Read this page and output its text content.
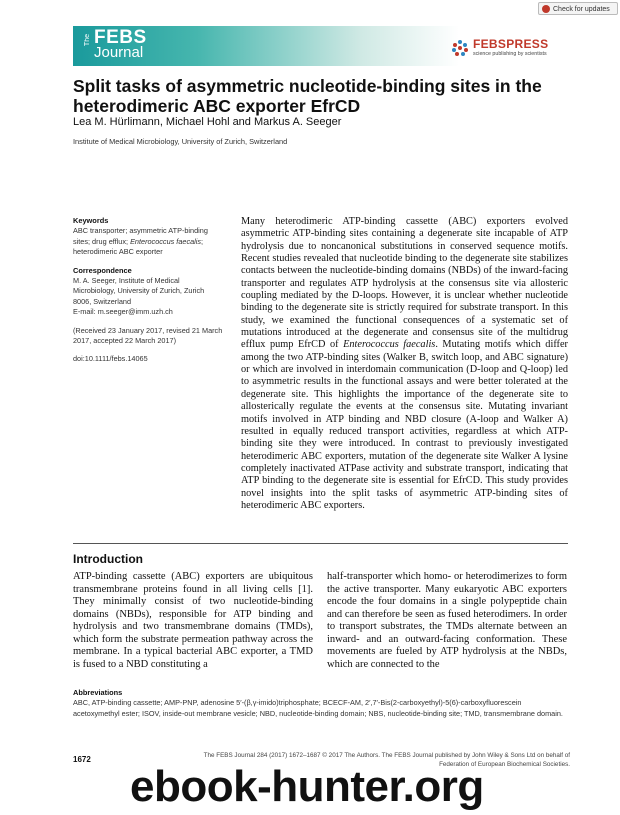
Check for updates
The FEBS
Journal	FEBSPRESS
science publishing by scientists
Split tasks of asymmetric nucleotide-binding sites in the heterodimeric ABC exporter EfrCD
Lea M. Hürlimann, Michael Hohl and Markus A. Seeger
Institute of Medical Microbiology, University of Zurich, Switzerland
Keywords
ABC transporter; asymmetric ATP-binding sites; drug efflux; Enterococcus faecalis; heterodimeric ABC exporter
Correspondence
M. A. Seeger, Institute of Medical Microbiology, University of Zurich, Zurich 8006, Switzerland
E-mail: m.seeger@imm.uzh.ch
(Received 23 January 2017, revised 21 March 2017, accepted 22 March 2017)
doi:10.1111/febs.14065

Many heterodimeric ATP-binding cassette (ABC) exporters evolved asymmetric ATP-binding sites containing a degenerate site incapable of ATP hydrolysis due to noncanonical substitutions in conserved sequence motifs. Recent studies revealed that nucleotide binding to the degenerate site stabilizes contacts between the nucleotide-binding domains (NBDs) of the inward-facing transporter and regulates ATP hydrolysis at the consensus site via allosteric coupling mediated by the D-loops. However, it is unclear whether nucleotide binding to the degenerate site is strictly required for substrate transport. In this study, we examined the functional consequences of a systematic set of mutations introduced at the degenerate and consensus site of the multidrug efflux pump EfrCD of Enterococcus faecalis. Mutating motifs which differ among the two ATP-binding sites (Walker B, switch loop, and ABC signature) or which are involved in interdomain communication (D-loop and Q-loop) led to asymmetric results in the functional assays and were better tolerated at the degenerate site. This highlights the importance of the degenerate site to allosterically regulate the events at the consensus site. Mutating invariant motifs involved in ATP binding and NBD closure (A-loop and Walker A) resulted in equally reduced transport activities, regardless at which ATP-binding site they were introduced. In contrast to previously investigated heterodimeric ABC exporters, mutation of the degenerate site Walker A lysine completely inactivated ATPase activity and substrate transport, indicating that ATP binding to the degenerate site is essential for EfrCD. This study provides novel insights into the split tasks of asymmetric ATP-binding sites of heterodimeric ABC exporters.

Introduction

ATP-binding cassette (ABC) exporters are ubiquitous transmembrane proteins found in all living cells [1]. They minimally consist of two nucleotide-binding domains (NBDs), responsible for ATP binding and hydrolysis and two transmembrane domains (TMDs), which form the substrate permeation pathway across the membrane. In a typical bacterial ABC exporter, a TMD is fused to a NBD constituting a

half-transporter which homo- or heterodimerizes to form the active transporter. Many eukaryotic ABC exporters encode the four domains in a single polypeptide chain and can therefore be seen as fused heterodimers. In order to transport substrates, the TMDs alternate between an inward- and an outward-facing conformation. These movements are fueled by ATP hydrolysis at the NBDs, which are connected to the

Abbreviations
ABC, ATP-binding cassette; AMP-PNP, adenosine 5′-(β,γ-imido)triphosphate; BCECF-AM, 2′,7′-Bis(2-carboxyethyl)-5(6)-carboxyfluorescein acetoxymethyl ester; ISOV, inside-out membrane vesicle; NBD, nucleotide-binding domain; NBS, nucleotide-binding site; TMD, transmembrane domain.
1672	The FEBS Journal 284 (2017) 1672–1687 © 2017 The Authors. The FEBS Journal published by John Wiley & Sons Ltd on behalf of
Federation of European Biochemical Societies.
ebook-hunter.org
